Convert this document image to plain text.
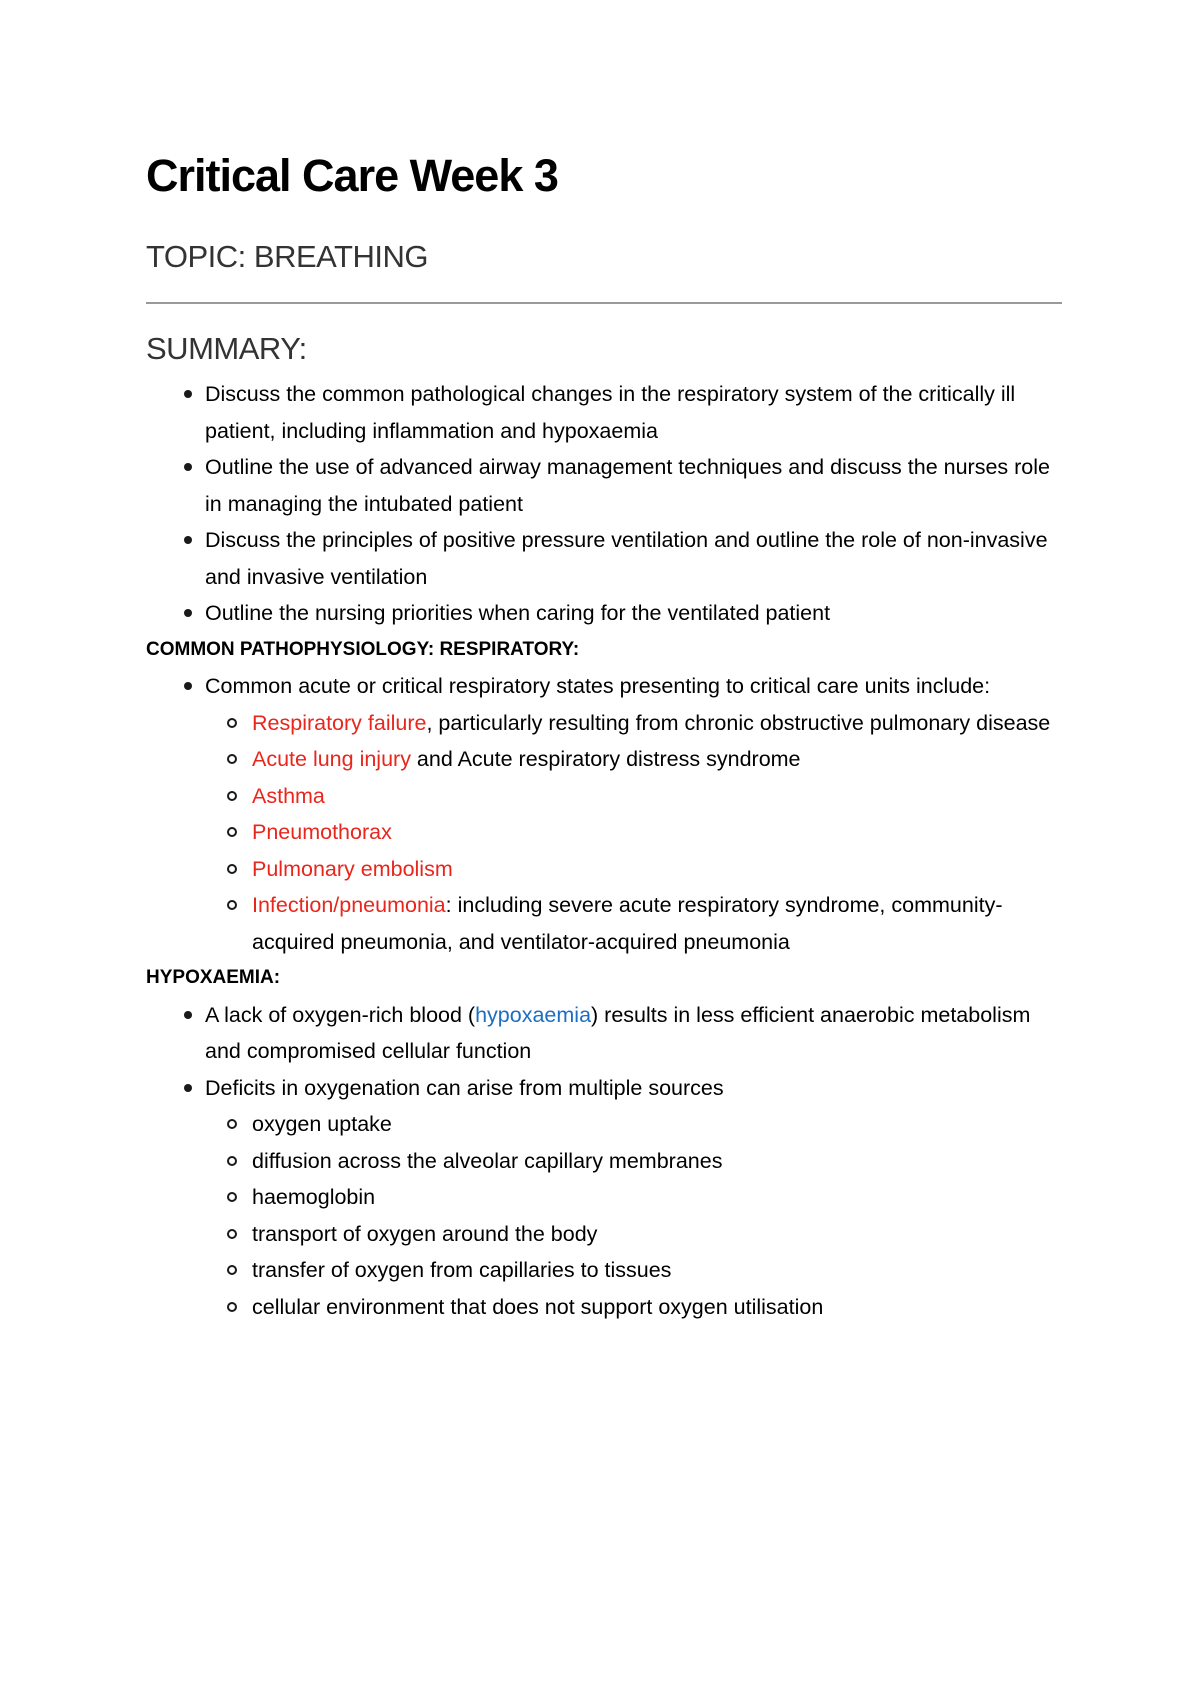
Critical Care Week 3
TOPIC: BREATHING
SUMMARY:
Discuss the common pathological changes in the respiratory system of the critically ill patient, including inflammation and hypoxaemia
Outline the use of advanced airway management techniques and discuss the nurses role in managing the intubated patient
Discuss the principles of positive pressure ventilation and outline the role of non-invasive and invasive ventilation
Outline the nursing priorities when caring for the ventilated patient
COMMON PATHOPHYSIOLOGY: RESPIRATORY:
Common acute or critical respiratory states presenting to critical care units include:
Respiratory failure, particularly resulting from chronic obstructive pulmonary disease
Acute lung injury and Acute respiratory distress syndrome
Asthma
Pneumothorax
Pulmonary embolism
Infection/pneumonia: including severe acute respiratory syndrome, community-acquired pneumonia, and ventilator-acquired pneumonia
HYPOXAEMIA:
A lack of oxygen-rich blood (hypoxaemia) results in less efficient anaerobic metabolism and compromised cellular function
Deficits in oxygenation can arise from multiple sources
oxygen uptake
diffusion across the alveolar capillary membranes
haemoglobin
transport of oxygen around the body
transfer of oxygen from capillaries to tissues
cellular environment that does not support oxygen utilisation
